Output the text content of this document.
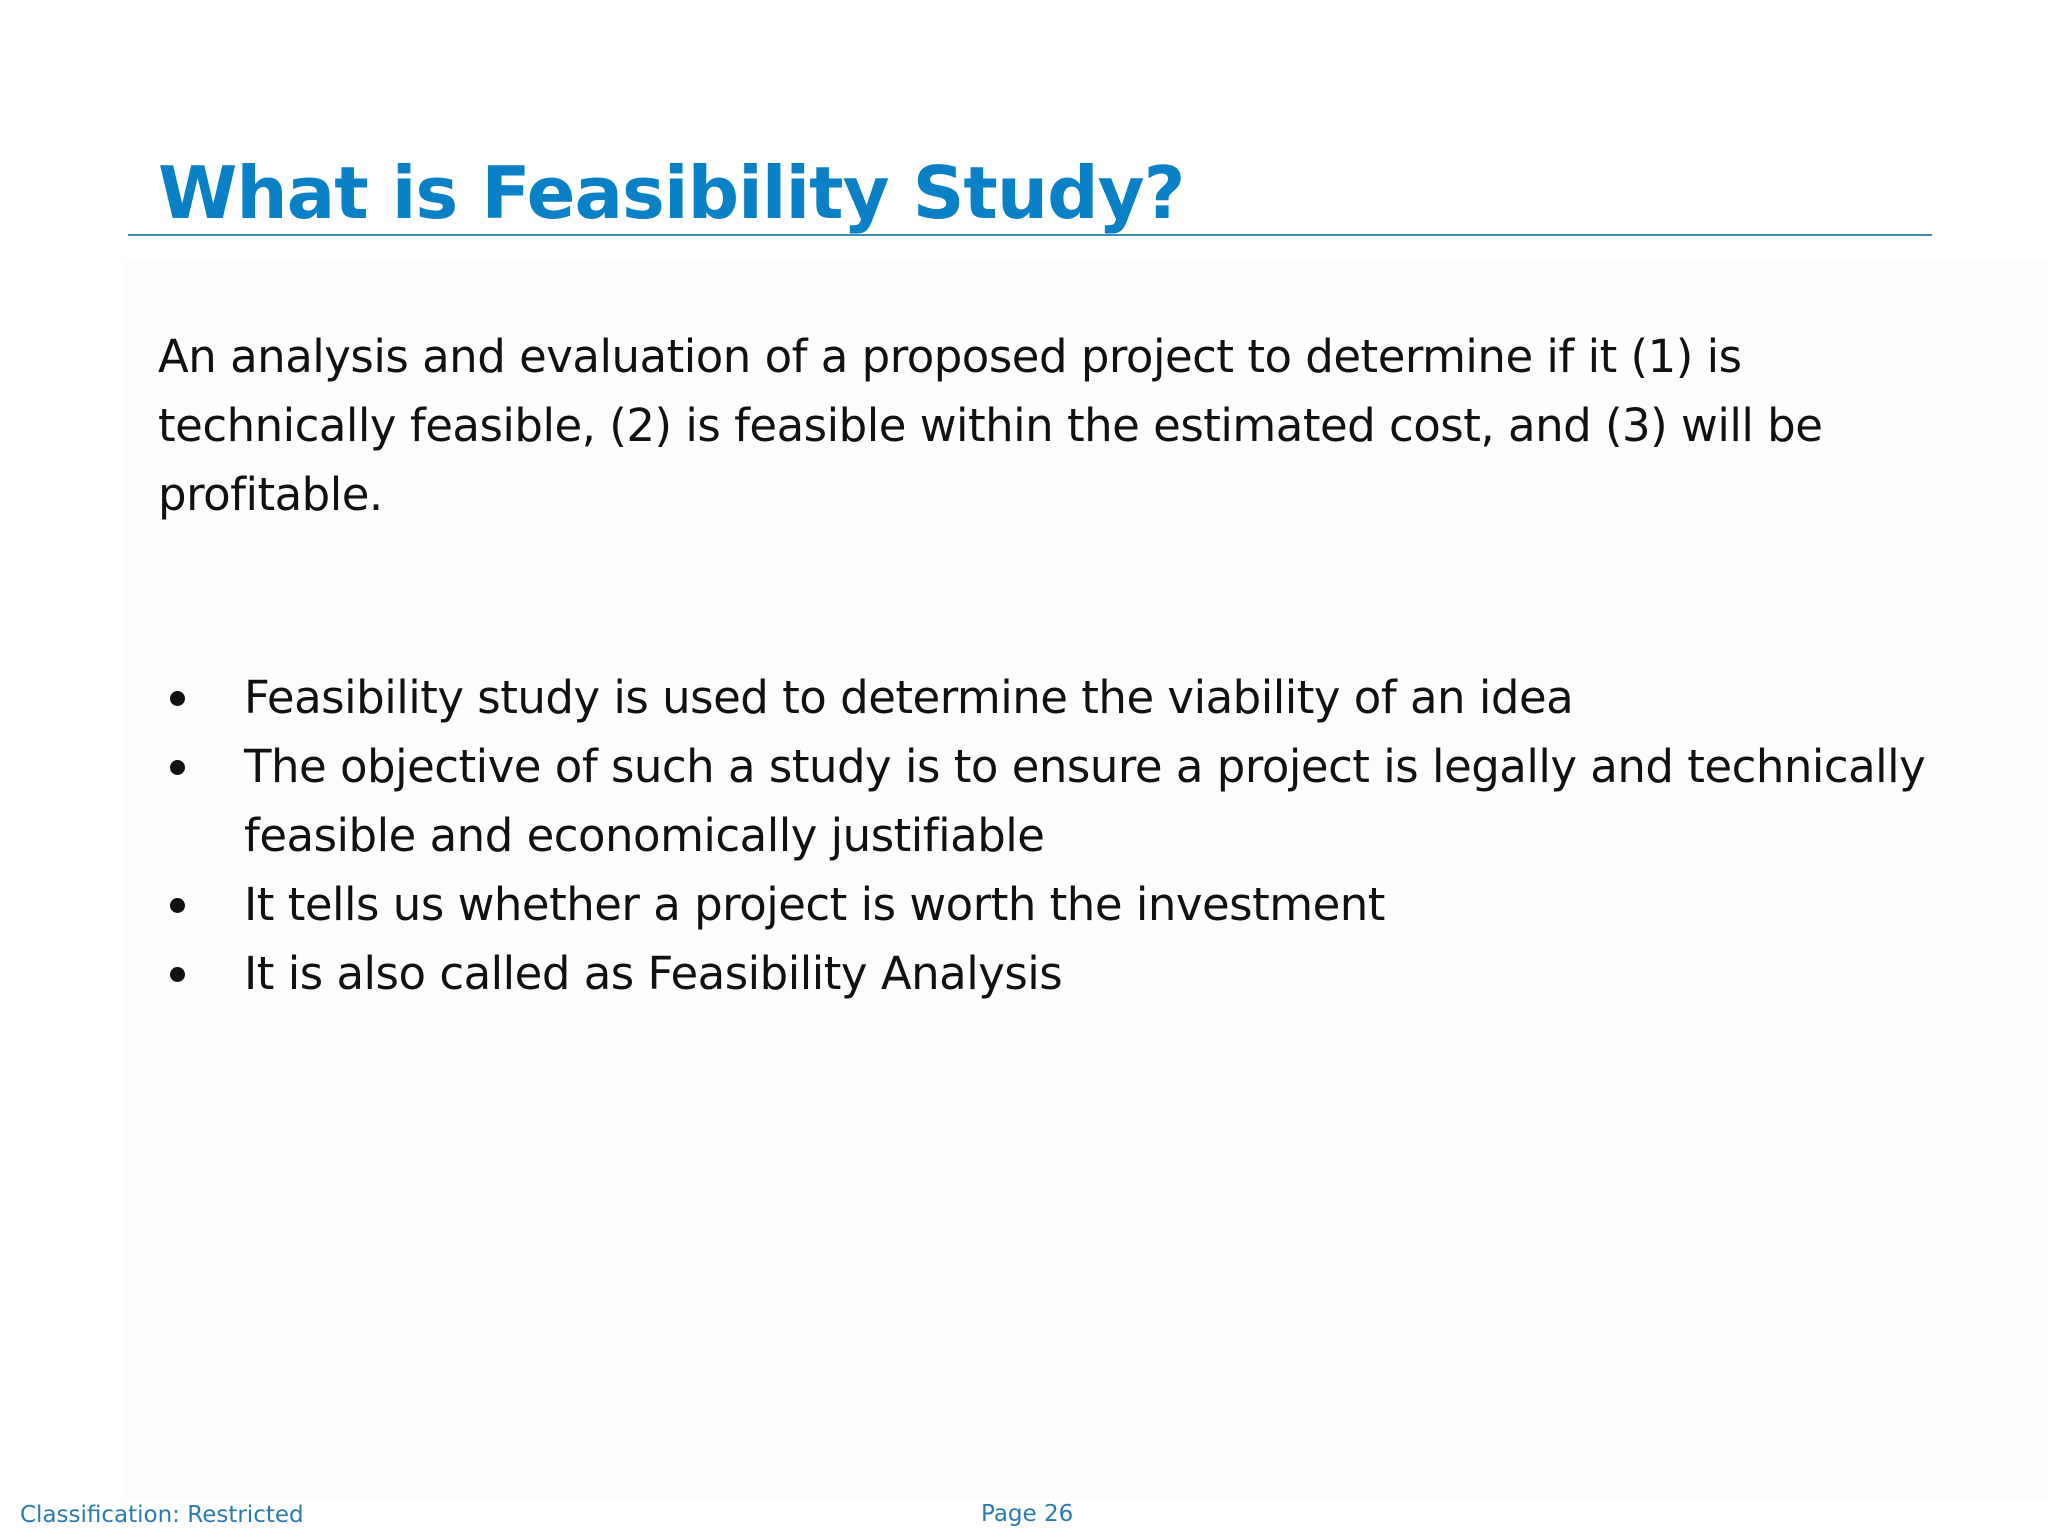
What is Feasibility Study?

An analysis and evaluation of a proposed project to determine if it (1) is technically feasible, (2) is feasible within the estimated cost, and (3) will be profitable.

Feasibility study is used to determine the viability of an idea
The objective of such a study is to ensure a project is legally and technically feasible and economically justifiable
It tells us whether a project is worth the investment
It is also called as Feasibility Analysis
Classification: Restricted	Page 26
